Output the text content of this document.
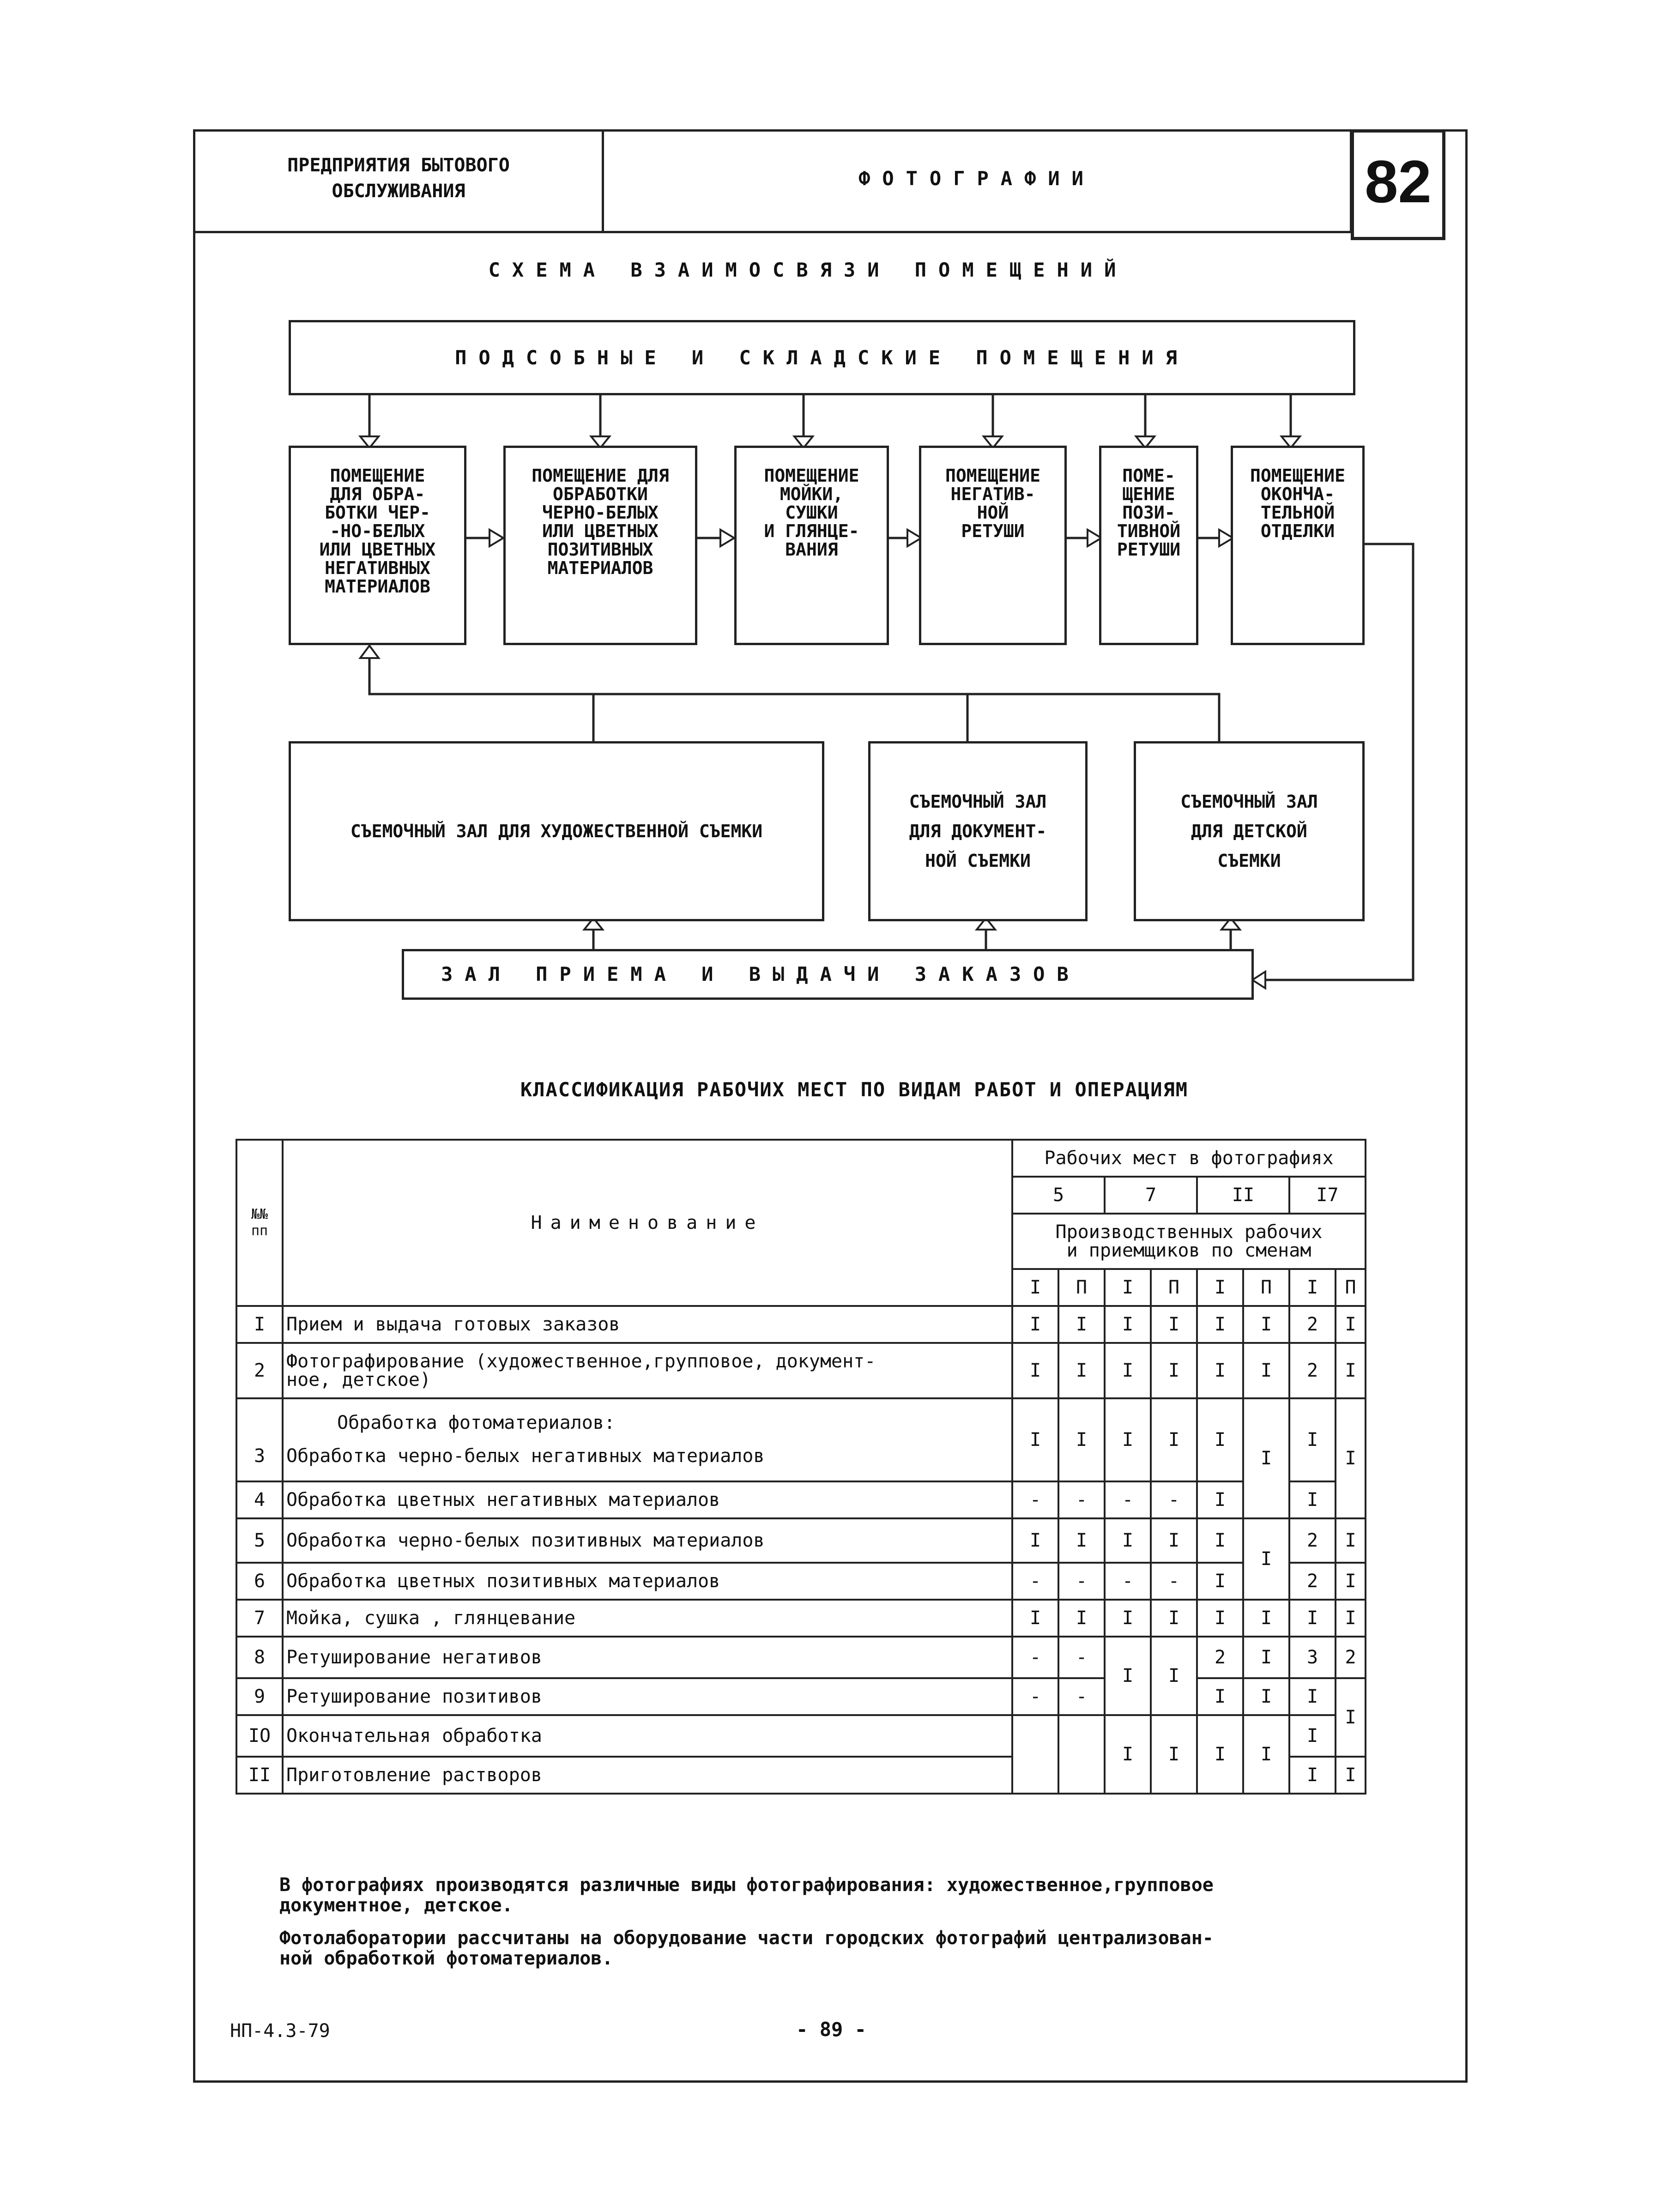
ПРЕДПРИЯТИЯ БЫТОВОГО
ОБСЛУЖИВАНИЯ
ФОТОГРАФИИ	82
СХЕМА ВЗАИМОСВЯЗИ ПОМЕЩЕНИЙ
ПОДСОБНЫЕ И СКЛАДСКИЕ ПОМЕЩЕНИЯ
ПОМЕЩЕНИЕ
ДЛЯ ОБРА-
БОТКИ ЧЕР-
-НО-БЕЛЫХ
ИЛИ ЦВЕТНЫХ
НЕГАТИВНЫХ
МАТЕРИАЛОВ
ПОМЕЩЕНИЕ ДЛЯ
ОБРАБОТКИ
ЧЕРНО-БЕЛЫХ
ИЛИ ЦВЕТНЫХ
ПОЗИТИВНЫХ
МАТЕРИАЛОВ
ПОМЕЩЕНИЕ
МОЙКИ,
СУШКИ
И ГЛЯНЦЕ-
ВАНИЯ
ПОМЕЩЕНИЕ
НЕГАТИВ-
НОЙ
РЕТУШИ
ПОМЕ-
ЩЕНИЕ
ПОЗИ-
ТИВНОЙ
РЕТУШИ
ПОМЕЩЕНИЕ
ОКОНЧА-
ТЕЛЬНОЙ
ОТДЕЛКИ
СЪЕМОЧНЫЙ ЗАЛ ДЛЯ ХУДОЖЕСТВЕННОЙ СЪЕМКИ
СЪЕМОЧНЫЙ ЗАЛ
ДЛЯ ДОКУМЕНТ-
НОЙ СЪЕМКИ
СЪЕМОЧНЫЙ ЗАЛ
ДЛЯ ДЕТСКОЙ
СЪЕМКИ
ЗАЛ ПРИЕМА И ВЫДАЧИ ЗАКАЗОВ
КЛАССИФИКАЦИЯ РАБОЧИХ МЕСТ ПО ВИДАМ РАБОТ И ОПЕРАЦИЯМ
№№
пп	Наименование	Рабочих мест в фотографиях							
		5		7		II		I7	
		Производственных рабочих
и приемщиков по сменам							
		I	П	I	П	I	П	I	П
I	Прием и выдача готовых заказов	I	I	I	I	I	I	2	I
2	Фотографирование (художественное,групповое, документ-
ное, детское)	I	I	I	I	I	I	2	I
3	Обработка фотоматериалов:
Обработка черно-белых негативных материалов	I	I	I	I	I	I	I	I
4	Обработка цветных негативных материалов	-	-	-	-	I		I	
5	Обработка черно-белых позитивных материалов	I	I	I	I	I	I	2	I
6	Обработка цветных позитивных материалов	-	-	-	-	I		2	I
7	Мойка, сушка , глянцевание	I	I	I	I	I	I	I	I
8	Ретуширование негативов	-	-	I	I	2	I	3	2
9	Ретуширование позитивов	-	-			I	I	I	I
IO	Окончательная обработка			I	I	I	I	I	
II	Приготовление растворов							I	I
В фотографиях производятся различные виды фотографирования: художественное,групповое
документное, детское.
Фотолаборатории рассчитаны на оборудование части городских фотографий централизован-
ной обработкой фотоматериалов.
НП-4.3-79	- 89 -
